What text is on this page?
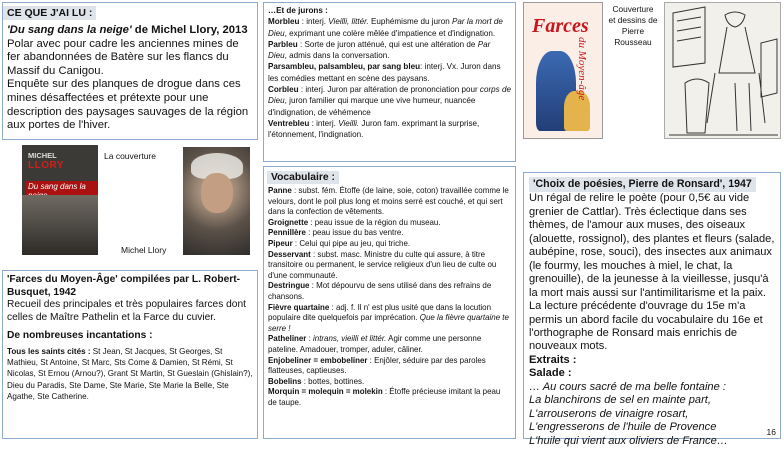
CE QUE J'AI LU :
'Du sang dans la neige' de Michel Llory, 2013
Polar avec pour cadre les anciennes mines de fer abandonnées de Batère sur les flancs du Massif du Canigou.
Enquête sur des planques de drogue dans ces mines désaffectées et prétexte pour une description des paysages sauvages de la région aux portes de l'hiver.
MICHEL
LLORY
Du sang dans la
La couverture
Michel Llory
'Farces du Moyen-Âge' compilées par L. Robert-Busquet, 1942
Recueil des principales et très populaires farces dont celles de Maître Pathelin et la Farce du cuvier.
De nombreuses incantations :
Tous les saints cités : St Jean, St Jacques, St Georges, St Mathieu, St Antoine, St Marc, Sts Come & Damien, St Rémi, St Nicolas, St Ernou (Arnou?), Grant St Martin, St Gueslain (Ghislain?), Dieu du Paradis, Ste Dame, Ste Marie, Ste Marie la Belle, Ste Agathe, Ste Catherine.
…Et de jurons :
Morbleu : interj. Vieilli, littér. Euphémisme du juron Par la mort de Dieu, exprimant une colère mêlée d'impatience et d'indignation.
Parbleu : Sorte de juron atténué, qui est une altération de Par Dieu, admis dans la conversation.
Parsambleu, palsambleu, par sang bleu: interj. Vx. Juron dans les comédies mettant en scène des paysans.
Corbleu : interj. Juron par altération de prononciation pour corps de Dieu, juron familier qui marque une vive humeur, nuancée d'indignation, de véhémence
Ventrebleu : interj. Vieilli. Juron fam. exprimant la surprise, l'étonnement, l'indignation.
Vocabulaire :
Panne : subst. fém. Étoffe (de laine, soie, coton) travaillée comme le velours, dont le poil plus long et moins serré est couché, et qui sert dans la confection de vêtements.
Groignette : peau issue de la région du museau.
Pennillère : peau issue du bas ventre.
Pipeur : Celui qui pipe au jeu, qui triche.
Desservant : subst. masc. Ministre du culte qui assure, à titre transitoire ou permanent, le service religieux d'un lieu de culte ou d'une communauté.
Destringue : Mot dépourvu de sens utilisé dans des refrains de chansons.
Fièvre quartaine : adj. f. Il n' est plus usité que dans la locution populaire dite quelquefois par imprécation. Que la fièvre quartaine te serre !
Patheliner : intrans, vieilli et littér. Agir comme une personne pateline. Amadouer, tromper, aduler, câliner.
Enjobeliner = embobeliner : Enjôler, séduire par des paroles flatteuses, captieuses.
Bobelins : bottes, bottines.
Morquin = molequin = molekin : Étoffe précieuse imitant la peau de taupe.
Farces
du Moyen-âge
Couverture et dessins de Pierre Rousseau
'Choix de poésies, Pierre de Ronsard', 1947
Un régal de relire le poète (pour 0,5€ au vide grenier de Cattlar). Très éclectique dans ses thèmes, de l'amour aux muses, des oiseaux (alouette, rossignol), des plantes et fleurs (salade, aubépine, rose, souci), des insectes aux animaux (le fourmy, les mouches à miel, le chat, la grenouille), de la jeunesse à la vieillesse, jusqu'à la mort mais aussi sur l'antimilitarisme et la paix.
La lecture précédente d'ouvrage du 15e m'a permis un abord facile du vocabulaire du 16e et l'orthographe de Ronsard mais enrichis de nouveaux mots.
Extraits :
Salade :
… Au cours sacré de ma belle fontaine :
La blanchirons de sel en mainte part,
L'arrouserons de vinaigre rosart,
L'engresserons de l'huile de Provence
L'huile qui vient aux oliviers de France…
16
